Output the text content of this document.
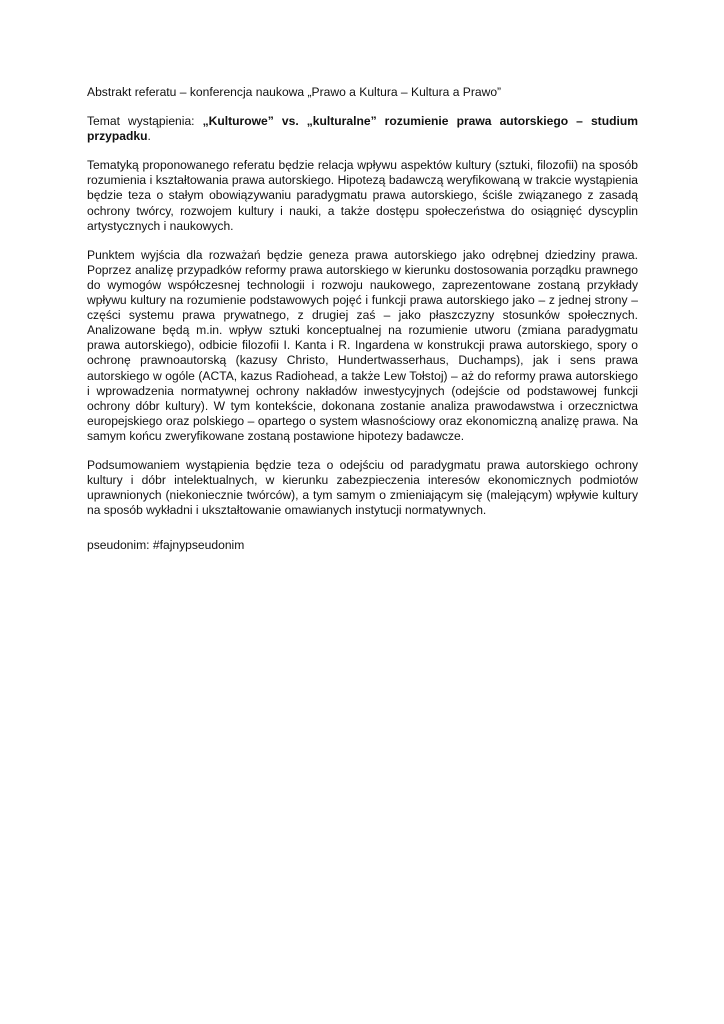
Abstrakt referatu – konferencja naukowa „Prawo a Kultura – Kultura a Prawo”

Temat wystąpienia: „Kulturowe” vs. „kulturalne” rozumienie prawa autorskiego – studium przypadku.

Tematyką proponowanego referatu będzie relacja wpływu aspektów kultury (sztuki, filozofii) na sposób rozumienia i kształtowania prawa autorskiego. Hipotezą badawczą weryfikowaną w trakcie wystąpienia będzie teza o stałym obowiązywaniu paradygmatu prawa autorskiego, ściśle związanego z zasadą ochrony twórcy, rozwojem kultury i nauki, a także dostępu społeczeństwa do osiągnięć dyscyplin artystycznych i naukowych.

Punktem wyjścia dla rozważań będzie geneza prawa autorskiego jako odrębnej dziedziny prawa. Poprzez analizę przypadków reformy prawa autorskiego w kierunku dostosowania porządku prawnego do wymogów współczesnej technologii i rozwoju naukowego, zaprezentowane zostaną przykłady wpływu kultury na rozumienie podstawowych pojęć i funkcji prawa autorskiego jako – z jednej strony – części systemu prawa prywatnego, z drugiej zaś – jako płaszczyzny stosunków społecznych. Analizowane będą m.in. wpływ sztuki konceptualnej na rozumienie utworu (zmiana paradygmatu prawa autorskiego), odbicie filozofii I. Kanta i R. Ingardena w konstrukcji prawa autorskiego, spory o ochronę prawnoautorską (kazusy Christo, Hundertwasserhaus, Duchamps), jak i sens prawa autorskiego w ogóle (ACTA, kazus Radiohead, a także Lew Tołstoj) – aż do reformy prawa autorskiego i wprowadzenia normatywnej ochrony nakładów inwestycyjnych (odejście od podstawowej funkcji ochrony dóbr kultury). W tym kontekście, dokonana zostanie analiza prawodawstwa i orzecznictwa europejskiego oraz polskiego – opartego o system własnościowy oraz ekonomiczną analizę prawa. Na samym końcu zweryfikowane zostaną postawione hipotezy badawcze.

Podsumowaniem wystąpienia będzie teza o odejściu od paradygmatu prawa autorskiego ochrony kultury i dóbr intelektualnych, w kierunku zabezpieczenia interesów ekonomicznych podmiotów uprawnionych (niekoniecznie twórców), a tym samym o zmieniającym się (malejącym) wpływie kultury na sposób wykładni i ukształtowanie omawianych instytucji normatywnych.

pseudonim: #fajnypseudonim
